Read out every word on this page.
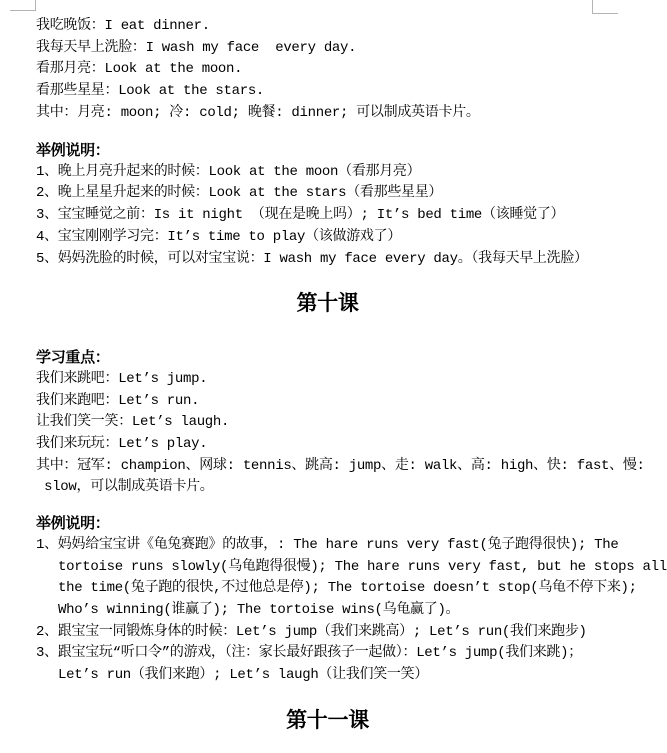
我吃晚饭：I eat dinner.
我每天早上洗脸：I wash my face  every day.
看那月亮：Look at the moon.
看那些星星：Look at the stars.
其中：月亮: moon; 冷: cold; 晚餐: dinner; 可以制成英语卡片。
举例说明：
1、晚上月亮升起来的时候：Look at the moon（看那月亮）
2、晚上星星升起来的时候：Look at the stars（看那些星星）
3、宝宝睡觉之前：Is it night （现在是晚上吗）; It’s bed time（该睡觉了）
4、宝宝刚刚学习完：It’s time to play（该做游戏了）
5、妈妈洗脸的时候，可以对宝宝说：I wash my face every day。（我每天早上洗脸）
第十课
学习重点：
我们来跳吧：Let’s jump.
我们来跑吧：Let’s run.
让我们笑一笑：Let’s laugh.
我们来玩玩：Let’s play.
其中：冠军: champion、网球: tennis、跳高: jump、走: walk、高: high、快: fast、慢:
slow，可以制成英语卡片。
举例说明：
1、妈妈给宝宝讲《龟兔赛跑》的故事，: The hare runs very fast(兔子跑得很快); The
tortoise runs slowly(乌龟跑得很慢); The hare runs very fast, but he stops all
the time(兔子跑的很快,不过他总是停); The tortoise doesn’t stop(乌龟不停下来);
Who’s winning(谁赢了); The tortoise wins(乌龟赢了)。
2、跟宝宝一同锻炼身体的时候：Let’s jump（我们来跳高）; Let’s run(我们来跑步)
3、跟宝宝玩“听口令”的游戏，（注：家长最好跟孩子一起做）：Let’s jump(我们来跳)；
Let’s run（我们来跑）; Let’s laugh（让我们笑一笑）
第十一课
